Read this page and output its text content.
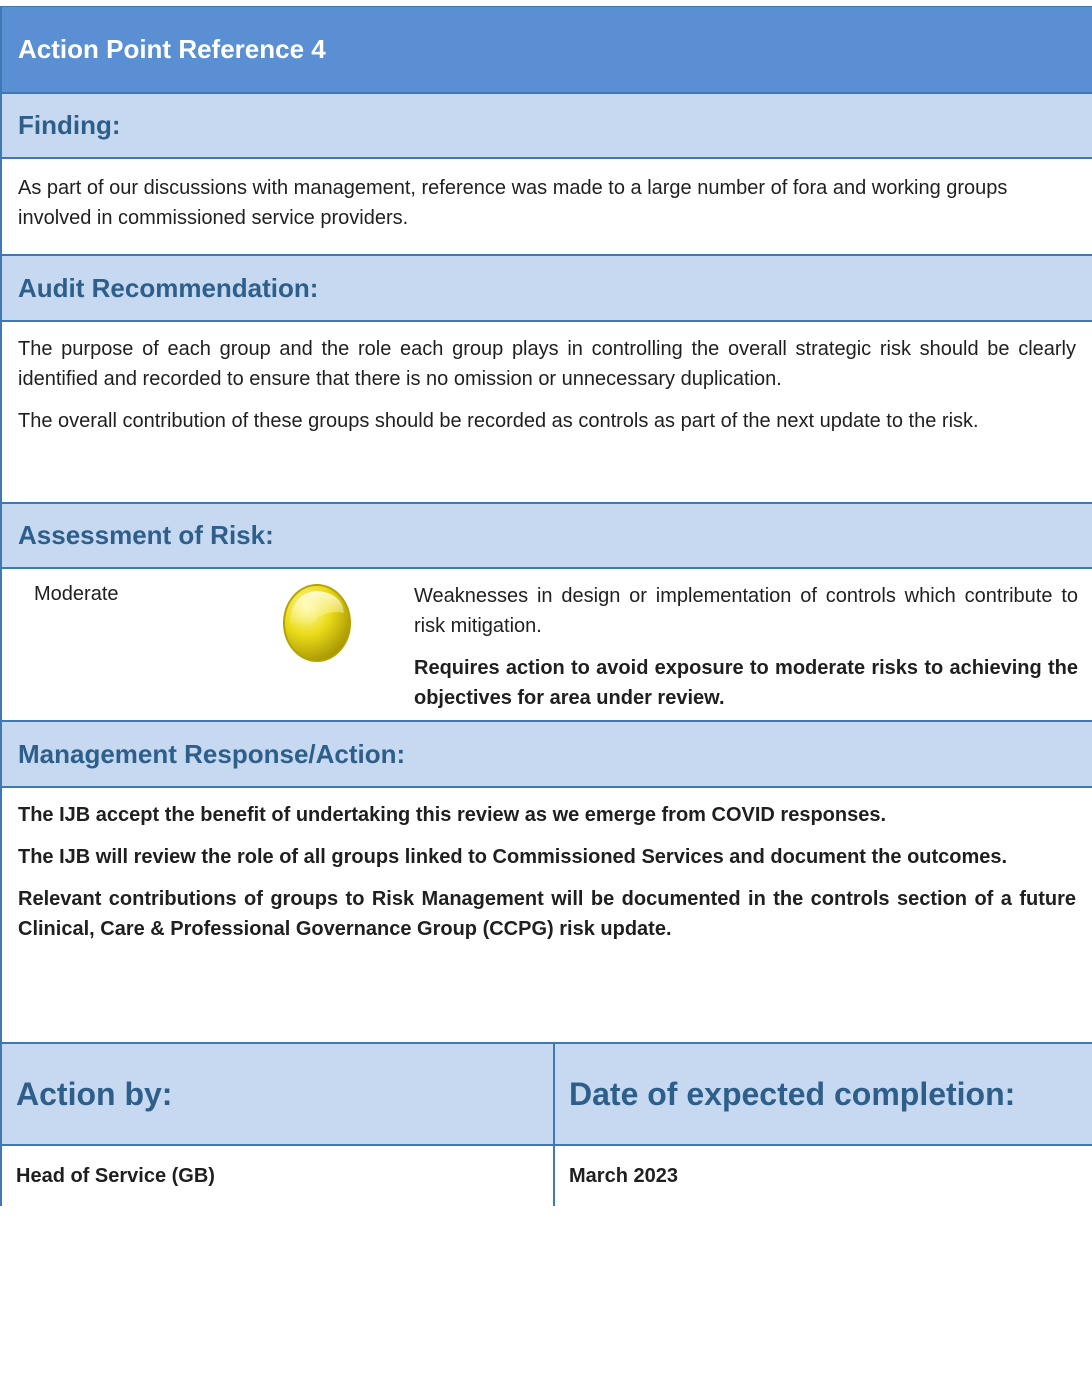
Action Point Reference 4
Finding:

As part of our discussions with management, reference was made to a large number of fora and working groups involved in commissioned service providers.

Audit Recommendation:

The purpose of each group and the role each group plays in controlling the overall strategic risk should be clearly identified and recorded to ensure that there is no omission or unnecessary duplication.

The overall contribution of these groups should be recorded as controls as part of the next update to the risk.

Assessment of Risk:
Moderate	Weaknesses in design or implementation of controls which contribute to risk mitigation.

Requires action to avoid exposure to moderate risks to achieving the objectives for area under review.

Management Response/Action:

The IJB accept the benefit of undertaking this review as we emerge from COVID responses.

The IJB will review the role of all groups linked to Commissioned Services and document the outcomes.

Relevant contributions of groups to Risk Management will be documented in the controls section of a future Clinical, Care & Professional Governance Group (CCPG) risk update.

Action by:	Date of expected completion:
Head of Service (GB)	March 2023
